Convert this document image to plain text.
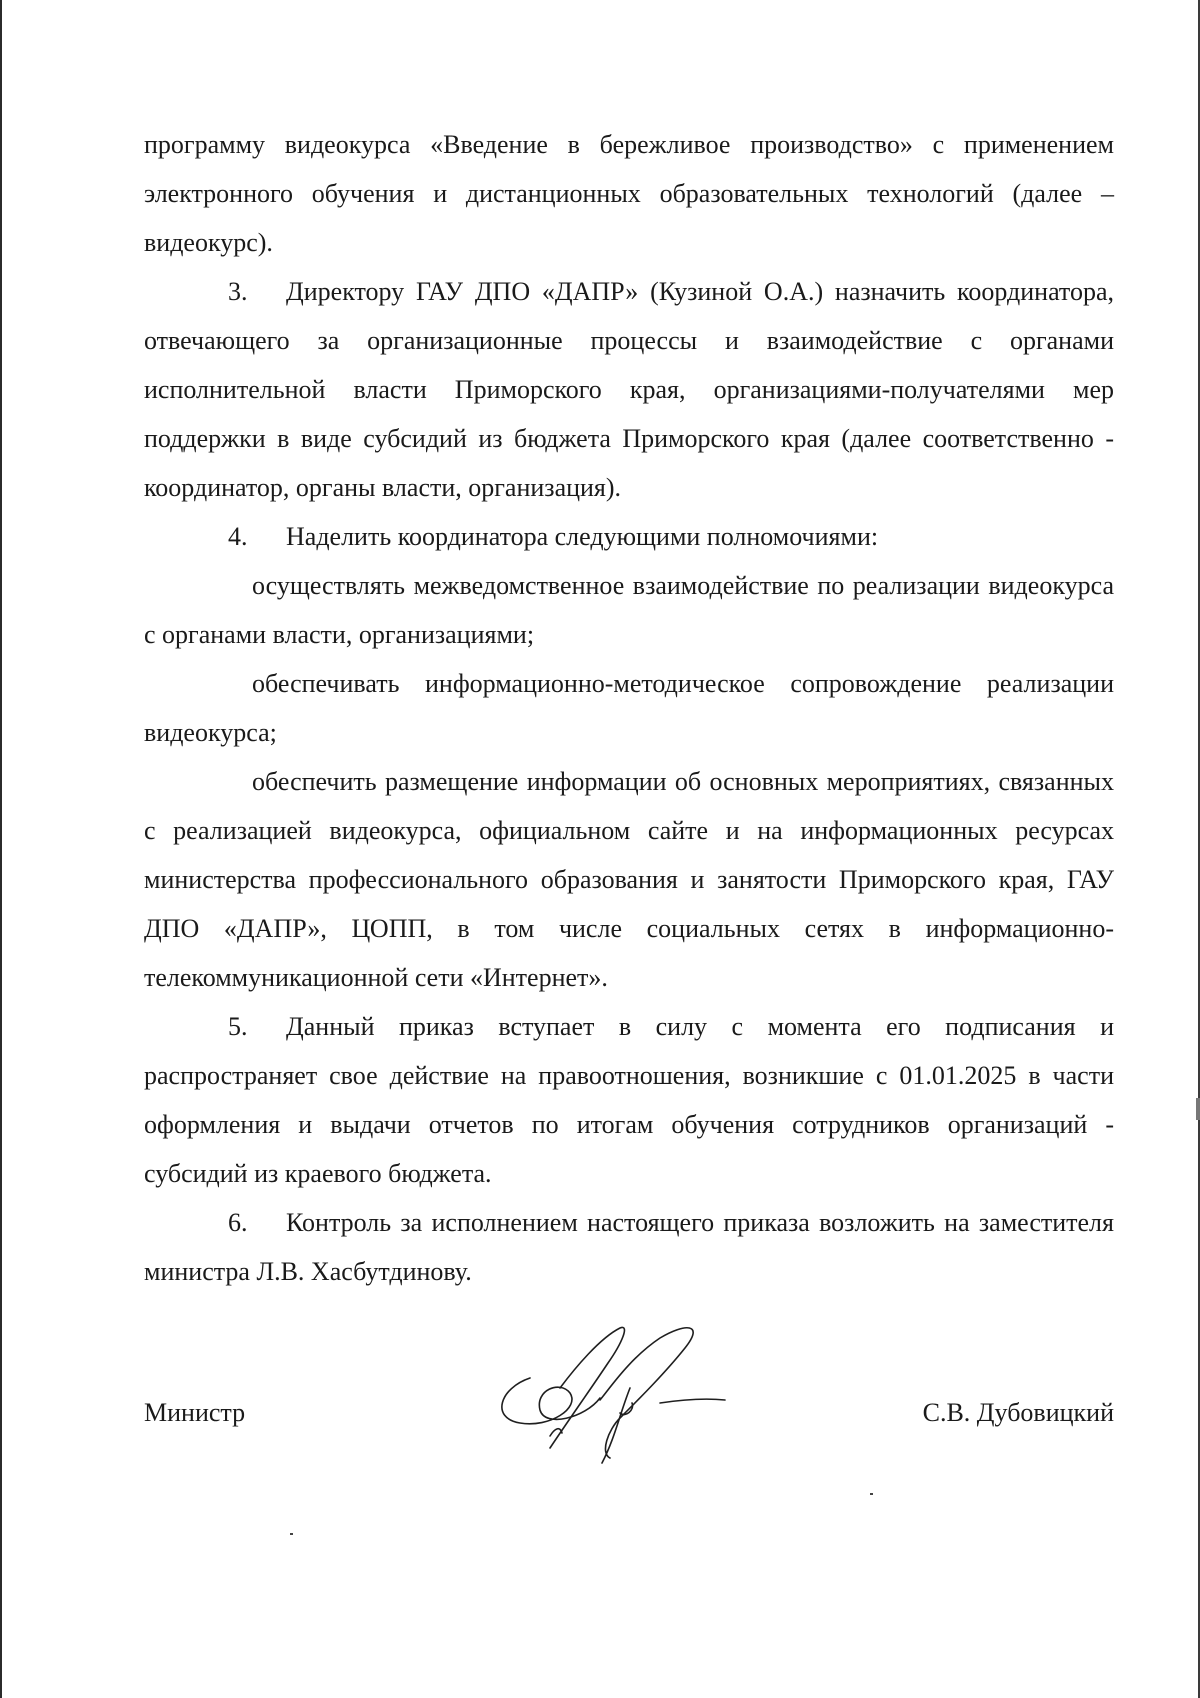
программу видеокурса «Введение в бережливое производство» с применением электронного обучения и дистанционных образовательных технологий (далее – видеокурс).

3. Директору ГАУ ДПО «ДАПР» (Кузиной О.А.) назначить координатора, отвечающего за организационные процессы и взаимодействие с органами исполнительной власти Приморского края, организациями-получателями мер поддержки в виде субсидий из бюджета Приморского края (далее соответственно - координатор, органы власти, организация).

4. Наделить координатора следующими полномочиями:

осуществлять межведомственное взаимодействие по реализации видеокурса с органами власти, организациями;

обеспечивать информационно-методическое сопровождение реализации видеокурса;

обеспечить размещение информации об основных мероприятиях, связанных с реализацией видеокурса, официальном сайте и на информационных ресурсах министерства профессионального образования и занятости Приморского края, ГАУ ДПО «ДАПР», ЦОПП, в том числе социальных сетях в информационно-телекоммуникационной сети «Интернет».

5. Данный приказ вступает в силу с момента его подписания и распространяет свое действие на правоотношения, возникшие с 01.01.2025 в части оформления и выдачи отчетов по итогам обучения сотрудников организаций - субсидий из краевого бюджета.

6. Контроль за исполнением настоящего приказа возложить на заместителя министра Л.В. Хасбутдинову.

Министр	С.В. Дубовицкий
